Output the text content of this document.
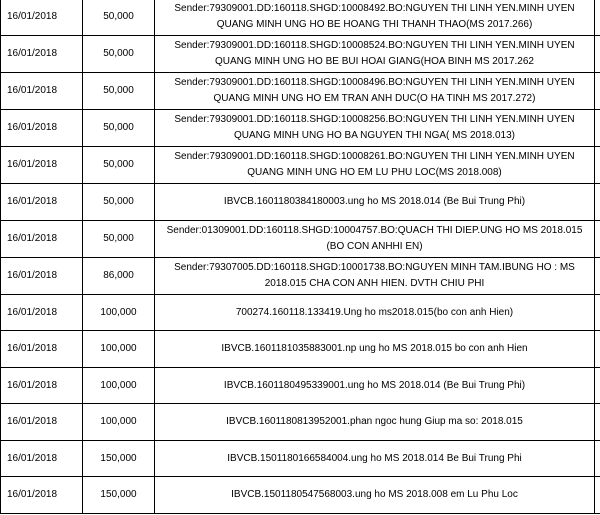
16/01/2018	50,000	Sender:79309001.DD:160118.SHGD:10008492.BO:NGUYEN THI LINH YEN.MINH UYEN QUANG MINH UNG HO BE HOANG THI THANH THAO(MS 2017.266)	
16/01/2018	50,000	Sender:79309001.DD:160118.SHGD:10008524.BO:NGUYEN THI LINH YEN.MINH UYEN QUANG MINH UNG HO BE BUI HOAI GIANG(HOA BINH MS 2017.262	
16/01/2018	50,000	Sender:79309001.DD:160118.SHGD:10008496.BO:NGUYEN THI LINH YEN.MINH UYEN QUANG MINH UNG HO EM TRAN ANH DUC(O HA TINH MS 2017.272)	
16/01/2018	50,000	Sender:79309001.DD:160118.SHGD:10008256.BO:NGUYEN THI LINH YEN.MINH UYEN QUANG MINH UNG HO BA NGUYEN THI NGA( MS 2018.013)	
16/01/2018	50,000	Sender:79309001.DD:160118.SHGD:10008261.BO:NGUYEN THI LINH YEN.MINH UYEN QUANG MINH UNG HO EM LU PHU LOC(MS 2018.008)	
16/01/2018	50,000	IBVCB.1601180384180003.ung ho MS 2018.014 (Be Bui Trung Phi)	
16/01/2018	50,000	Sender:01309001.DD:160118.SHGD:10004757.BO:QUACH THI DIEP.UNG HO MS 2018.015 (BO CON ANHHI EN)	
16/01/2018	86,000	Sender:79307005.DD:160118.SHGD:10001738.BO:NGUYEN MINH TAM.IBUNG HO : MS 2018.015 CHA CON ANH HIEN. DVTH CHIU PHI	
16/01/2018	100,000	700274.160118.133419.Ung ho ms2018.015(bo con anh Hien)	
16/01/2018	100,000	IBVCB.1601181035883001.np ung ho MS 2018.015 bo con anh Hien	
16/01/2018	100,000	IBVCB.1601180495339001.ung ho MS 2018.014 (Be Bui Trung Phi)	
16/01/2018	100,000	IBVCB.1601180813952001.phan ngoc hung Giup ma so: 2018.015	
16/01/2018	150,000	IBVCB.1501180166584004.ung ho MS 2018.014 Be Bui Trung Phi	
16/01/2018	150,000	IBVCB.1501180547568003.ung ho MS 2018.008 em Lu Phu Loc	
